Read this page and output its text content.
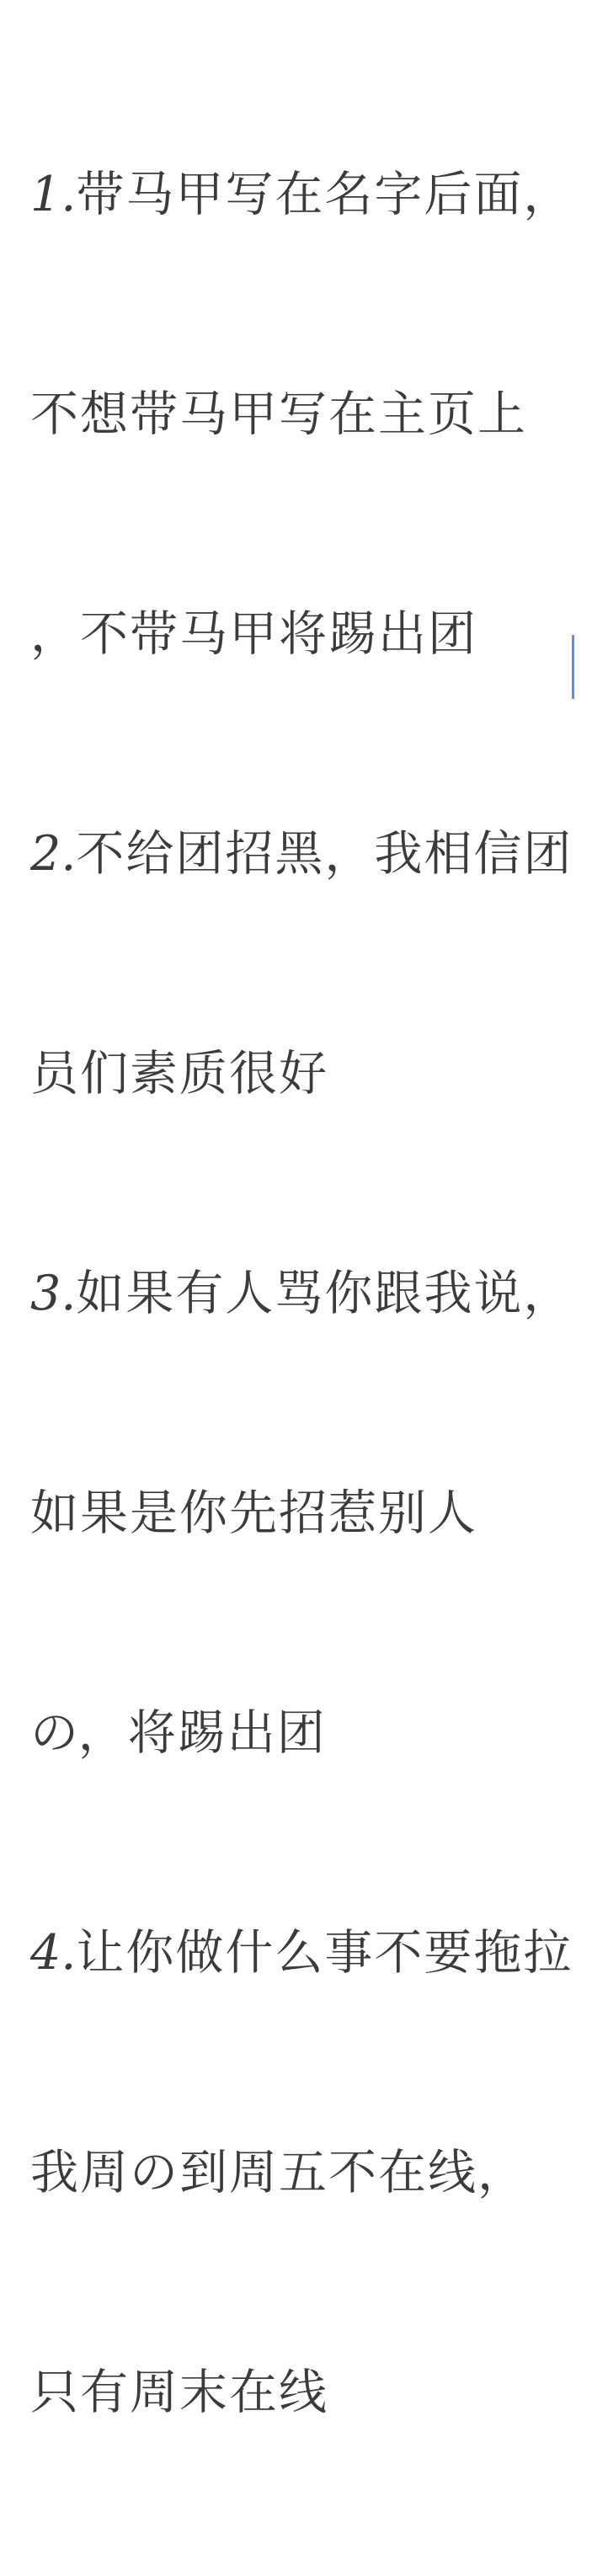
1.带马甲写在名字后面，

不想带马甲写在主页上

，不带马甲将踢出团

2.不给团招黑，我相信团

员们素质很好

3.如果有人骂你跟我说，

如果是你先招惹别人

の，将踢出团

4.让你做什么事不要拖拉

我周の到周五不在线，

只有周末在线
